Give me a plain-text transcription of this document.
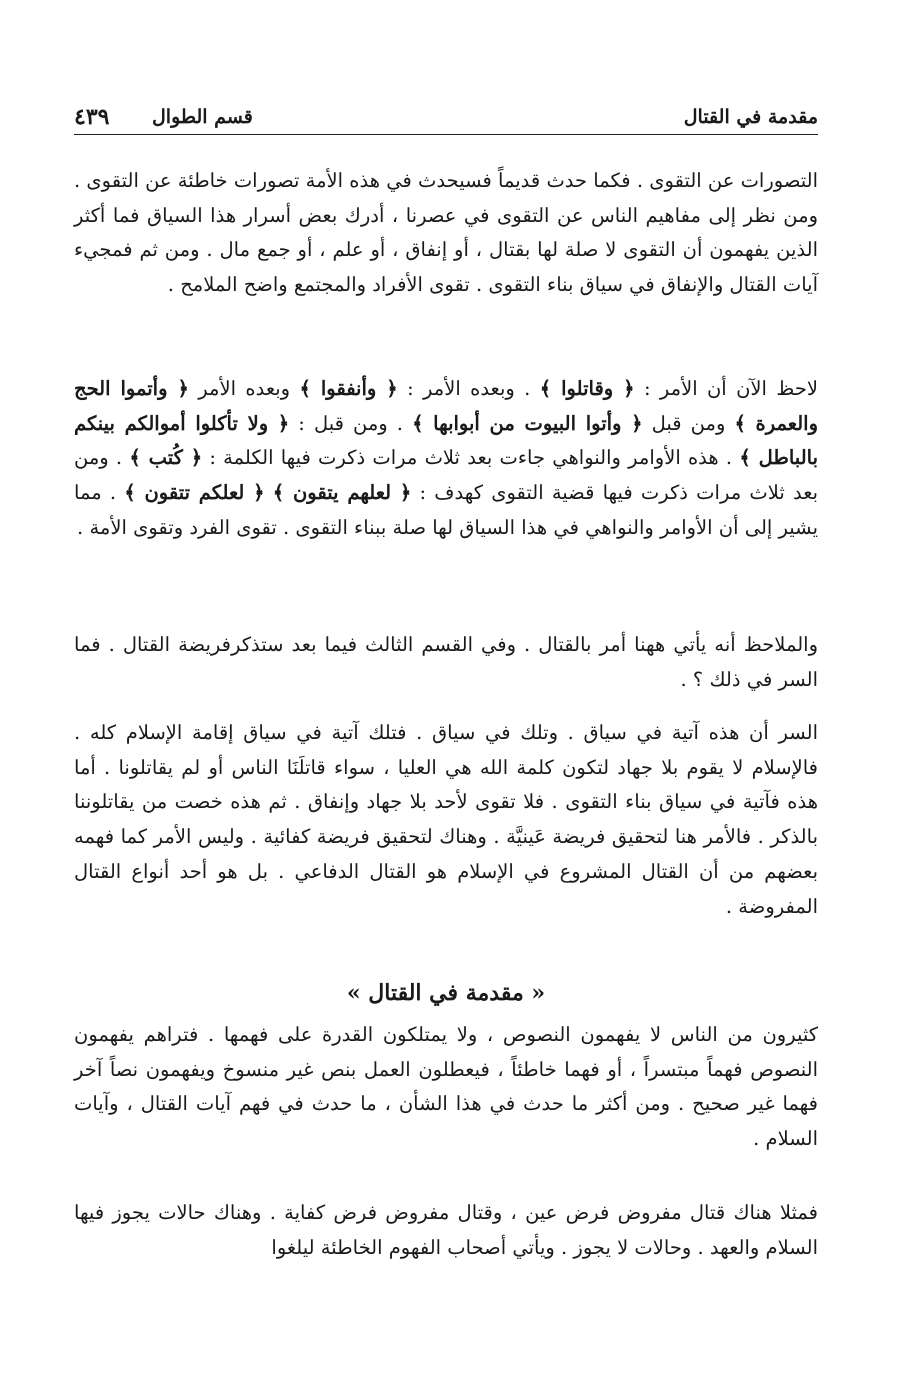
مقدمة في القتال
قسم الطوال
٤٣٩

التصورات عن التقوى . فكما حدث قديماً فسيحدث في هذه الأمة تصورات خاطئة عن التقوى . ومن نظر إلى مفاهيم الناس عن التقوى في عصرنا ، أدرك بعض أسرار هذا السياق فما أكثر الذين يفهمون أن التقوى لا صلة لها بقتال ، أو إنفاق ، أو علم ، أو جمع مال . ومن ثم فمجيء آيات القتال والإنفاق في سياق بناء التقوى . تقوى الأفراد والمجتمع واضح الملامح .

لاحظ الآن أن الأمر : ﴿ وقاتلوا ﴾ . وبعده الأمر : ﴿ وأنفقوا ﴾ وبعده الأمر ﴿ وأتموا الحج والعمرة ﴾ ومن قبل ﴿ وأتوا البيوت من أبوابها ﴾ . ومن قبل : ﴿ ولا تأكلوا أموالكم بينكم بالباطل ﴾ . هذه الأوامر والنواهي جاءت بعد ثلاث مرات ذكرت فيها الكلمة : ﴿ كُتب ﴾ . ومن بعد ثلاث مرات ذكرت فيها قضية التقوى كهدف : ﴿ لعلهم يتقون ﴾ ﴿ لعلكم تتقون ﴾ . مما يشير إلى أن الأوامر والنواهي في هذا السياق لها صلة ببناء التقوى . تقوى الفرد وتقوى الأمة .

والملاحظ أنه يأتي ههنا أمر بالقتال . وفي القسم الثالث فيما بعد ستذكرفريضة القتال . فما السر في ذلك ؟ .

السر أن هذه آتية في سياق . وتلك في سياق . فتلك آتية في سياق إقامة الإسلام كله . فالإسلام لا يقوم بلا جهاد لتكون كلمة الله هي العليا ، سواء قاتلَنَا الناس أو لم يقاتلونا . أما هذه فآتية في سياق بناء التقوى . فلا تقوى لأحد بلا جهاد وإنفاق . ثم هذه خصت من يقاتلوننا بالذكر . فالأمر هنا لتحقيق فريضة عَينيَّة . وهناك لتحقيق فريضة كفائية . وليس الأمر كما فهمه بعضهم من أن القتال المشروع في الإسلام هو القتال الدفاعي . بل هو أحد أنواع القتال المفروضة .

« مقدمة في القتال »

كثيرون من الناس لا يفهمون النصوص ، ولا يمتلكون القدرة على فهمها . فتراهم يفهمون النصوص فهماً مبتسراً ، أو فهما خاطئاً ، فيعطلون العمل بنص غير منسوخ ويفهمون نصاً آخر فهما غير صحيح . ومن أكثر ما حدث في هذا الشأن ، ما حدث في فهم آيات القتال ، وآيات السلام .

فمثلا هناك قتال مفروض فرض عين ، وقتال مفروض فرض كفاية . وهناك حالات يجوز فيها السلام والعهد . وحالات لا يجوز . ويأتي أصحاب الفهوم الخاطئة ليلغوا
